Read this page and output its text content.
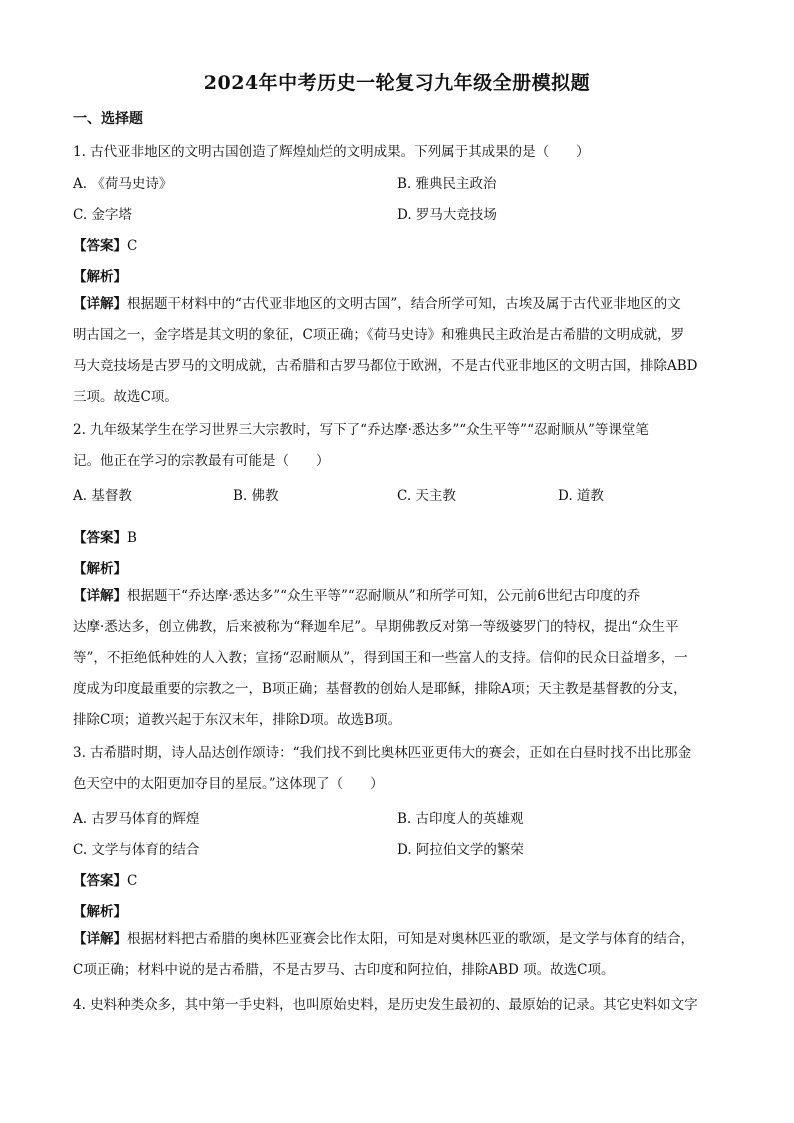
2024年中考历史一轮复习九年级全册模拟题
一、选择题
1. 古代亚非地区的文明古国创造了辉煌灿烂的文明成果。下列属于其成果的是（　　）
A. 《荷马史诗》	B. 雅典民主政治
C. 金字塔	D. 罗马大竞技场
【答案】C
【解析】
【详解】根据题干材料中的“古代亚非地区的文明古国”，结合所学可知，古埃及属于古代亚非地区的文
明古国之一，金字塔是其文明的象征，C项正确；《荷马史诗》和雅典民主政治是古希腊的文明成就，罗
马大竞技场是古罗马的文明成就，古希腊和古罗马都位于欧洲，不是古代亚非地区的文明古国，排除ABD
三项。故选C项。
2. 九年级某学生在学习世界三大宗教时，写下了“乔达摩·悉达多”“众生平等”“忍耐顺从”等课堂笔
记。他正在学习的宗教最有可能是（　　）
A. 基督教	B. 佛教	C. 天主教	D. 道教
【答案】B
【解析】
【详解】根据题干“乔达摩·悉达多”“众生平等”“忍耐顺从”和所学可知，公元前6世纪古印度的乔
达摩·悉达多，创立佛教，后来被称为“释迦牟尼”。早期佛教反对第一等级婆罗门的特权，提出“众生平
等”，不拒绝低种姓的人入教；宣扬“忍耐顺从”，得到国王和一些富人的支持。信仰的民众日益增多，一
度成为印度最重要的宗教之一，B项正确；基督教的创始人是耶稣，排除A项；天主教是基督教的分支，
排除C项；道教兴起于东汉末年，排除D项。故选B项。
3. 古希腊时期，诗人品达创作颂诗：“我们找不到比奥林匹亚更伟大的赛会，正如在白昼时找不出比那金
色天空中的太阳更加夺目的星辰。”这体现了（　　）
A. 古罗马体育的辉煌	B. 古印度人的英雄观
C. 文学与体育的结合	D. 阿拉伯文学的繁荣
【答案】C
【解析】
【详解】根据材料把古希腊的奥林匹亚赛会比作太阳，可知是对奥林匹亚的歌颂，是文学与体育的结合，
C项正确；材料中说的是古希腊，不是古罗马、古印度和阿拉伯，排除ABD 项。故选C项。
4. 史料种类众多，其中第一手史料，也叫原始史料，是历史发生最初的、最原始的记录。其它史料如文字
